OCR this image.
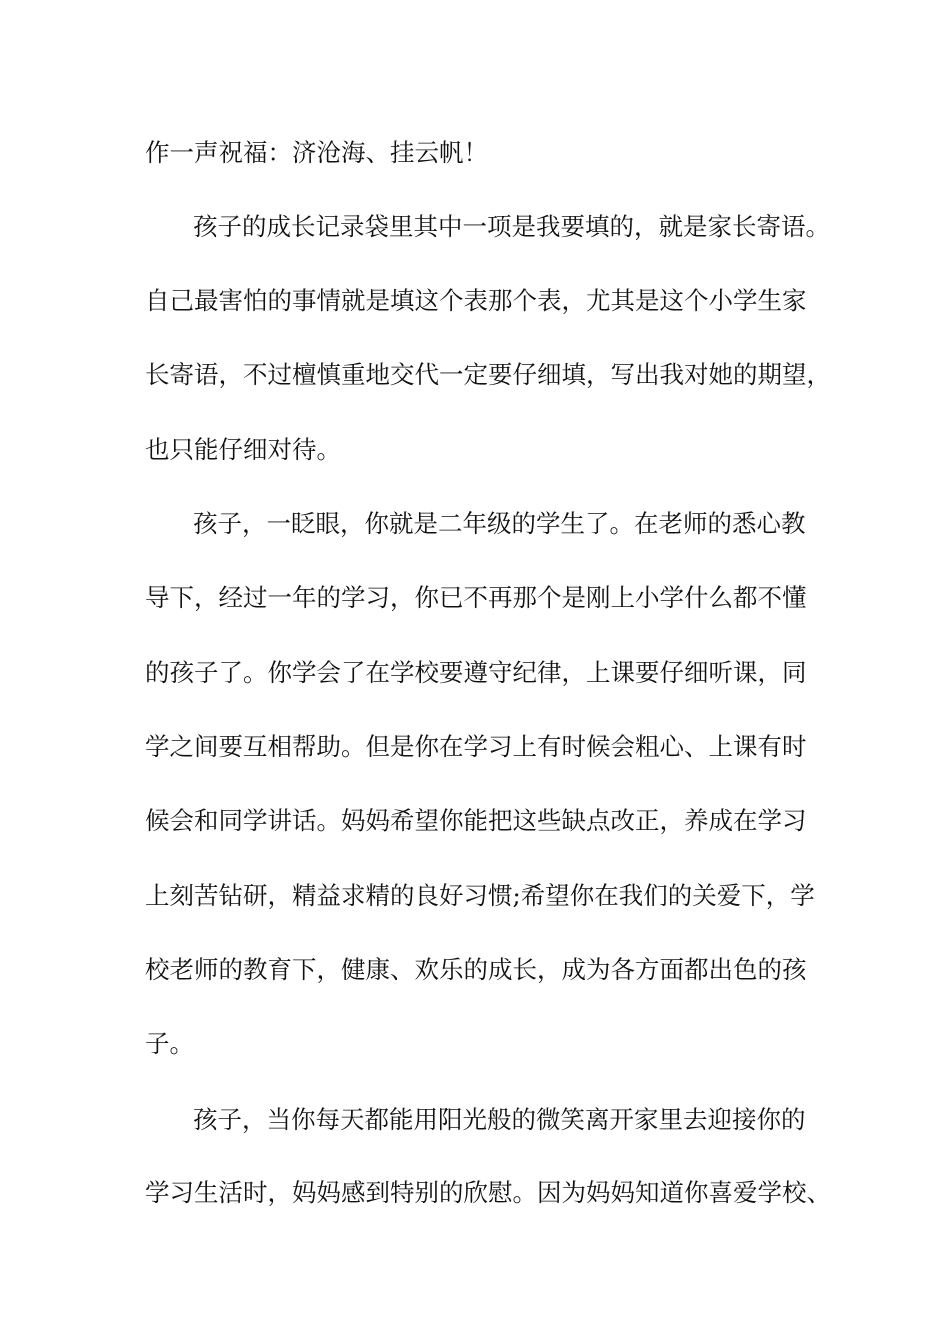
作一声祝福：济沧海、挂云帆！
孩子的成长记录袋里其中一项是我要填的，就是家长寄语。
自己最害怕的事情就是填这个表那个表，尤其是这个小学生家
长寄语，不过檀慎重地交代一定要仔细填，写出我对她的期望，
也只能仔细对待。
孩子，一眨眼，你就是二年级的学生了。在老师的悉心教
导下，经过一年的学习，你已不再那个是刚上小学什么都不懂
的孩子了。你学会了在学校要遵守纪律，上课要仔细听课，同
学之间要互相帮助。但是你在学习上有时候会粗心、上课有时
候会和同学讲话。妈妈希望你能把这些缺点改正，养成在学习
上刻苦钻研，精益求精的良好习惯;希望你在我们的关爱下，学
校老师的教育下，健康、欢乐的成长，成为各方面都出色的孩
子。
孩子，当你每天都能用阳光般的微笑离开家里去迎接你的
学习生活时，妈妈感到特别的欣慰。因为妈妈知道你喜爱学校、
